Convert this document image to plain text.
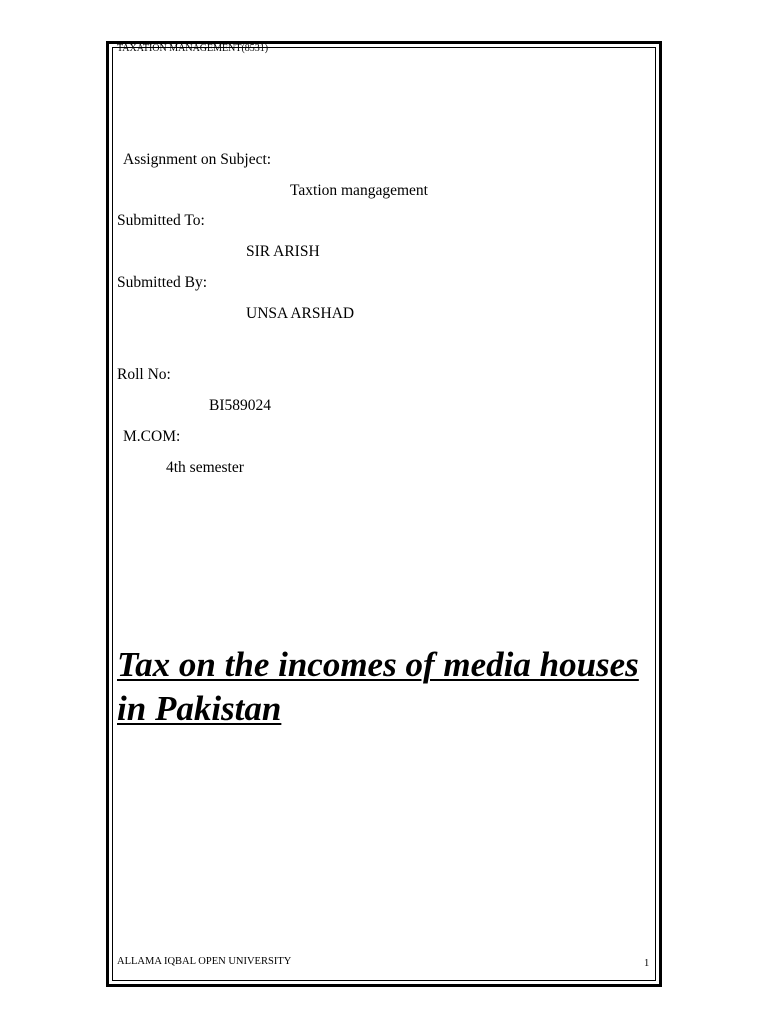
TAXATION MANAGEMENT(8531)
Assignment on Subject:
Taxtion mangagement
Submitted To:
SIR ARISH
Submitted By:
UNSA ARSHAD
Roll No:
BI589024
M.COM:
4th semester
Tax on the incomes of media houses
in Pakistan
ALLAMA IQBAL OPEN UNIVERSITY	1
